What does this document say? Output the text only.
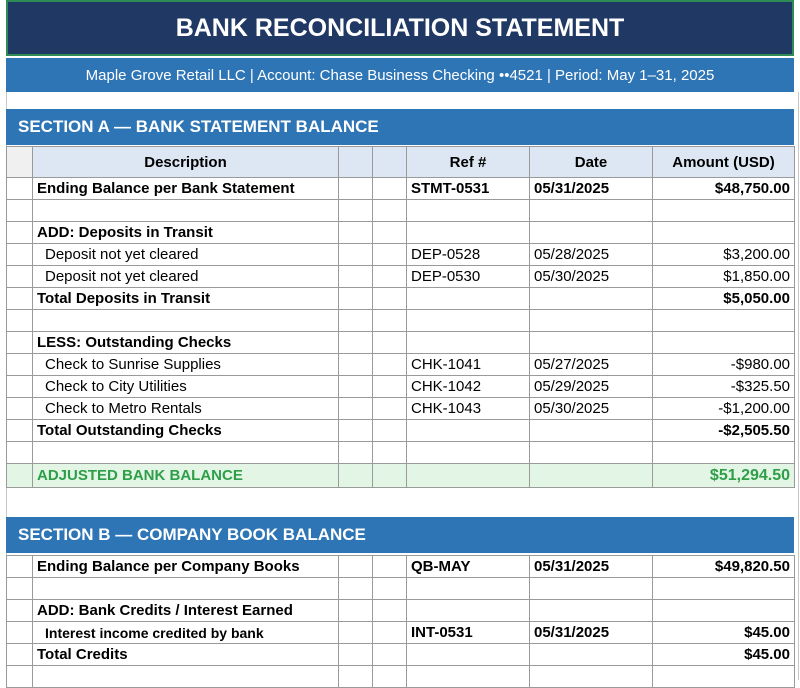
BANK RECONCILIATION STATEMENT
Maple Grove Retail LLC | Account: Chase Business Checking ••4521 | Period: May 1–31, 2025
SECTION A — BANK STATEMENT BALANCE
	Description			Ref #	Date	Amount (USD)
	Ending Balance per Bank Statement			STMT-0531	05/31/2025	$48,750.00

	ADD: Deposits in Transit					
	Deposit not yet cleared			DEP-0528	05/28/2025	$3,200.00
	Deposit not yet cleared			DEP-0530	05/30/2025	$1,850.00
	Total Deposits in Transit					$5,050.00

	LESS: Outstanding Checks					
	Check to Sunrise Supplies			CHK-1041	05/27/2025	-$980.00
	Check to City Utilities			CHK-1042	05/29/2025	-$325.50
	Check to Metro Rentals			CHK-1043	05/30/2025	-$1,200.00
	Total Outstanding Checks					-$2,505.50

	ADJUSTED BANK BALANCE					$51,294.50
SECTION B — COMPANY BOOK BALANCE
	Ending Balance per Company Books			QB-MAY	05/31/2025	$49,820.50

	ADD: Bank Credits / Interest Earned					
	Interest income credited by bank			INT-0531	05/31/2025	$45.00
	Total Credits					$45.00
